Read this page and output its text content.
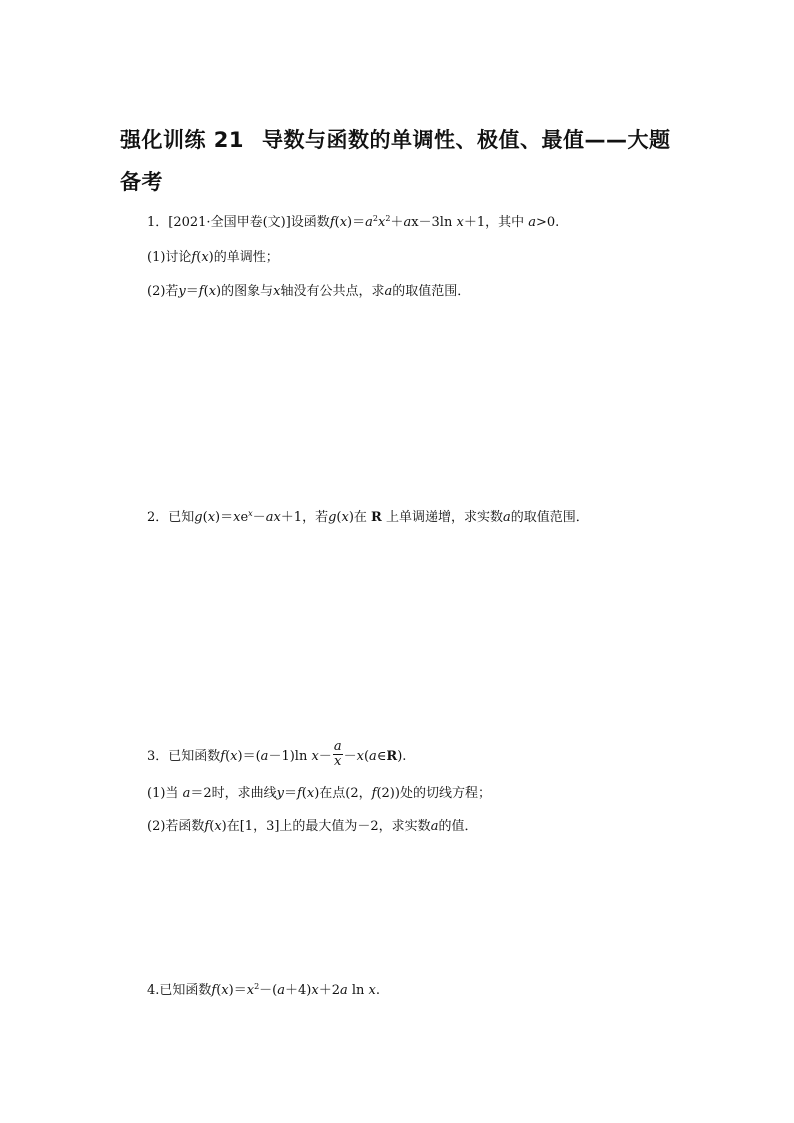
强化训练 21 导数与函数的单调性、极值、最值——大题
备考
1．[2021·全国甲卷(文)]设函数$f(x)=a^2x^2+ax-3\ln$ x＋1，其中 a>0.
(1)讨论f(x)的单调性；
(2)若y＝f(x)的图象与x轴没有公共点，求a的取值范围．
2．已知$g(x)=xe^x-ax+1$，若g(x)在 R 上单调递增，求实数a的取值范围．
3．已知函数f(x)＝(a－1)ln $x- \frac{a}{x}$ －x(a∈R).
(1)当 a＝2时，求曲线y＝f(x)在点(2，f(2))处的切线方程；
(2)若函数f(x)在[1，3]上的最大值为－2，求实数a的值．
4.已知函数$f(x)=x^2-(a+4)x+2a$ ln x.
